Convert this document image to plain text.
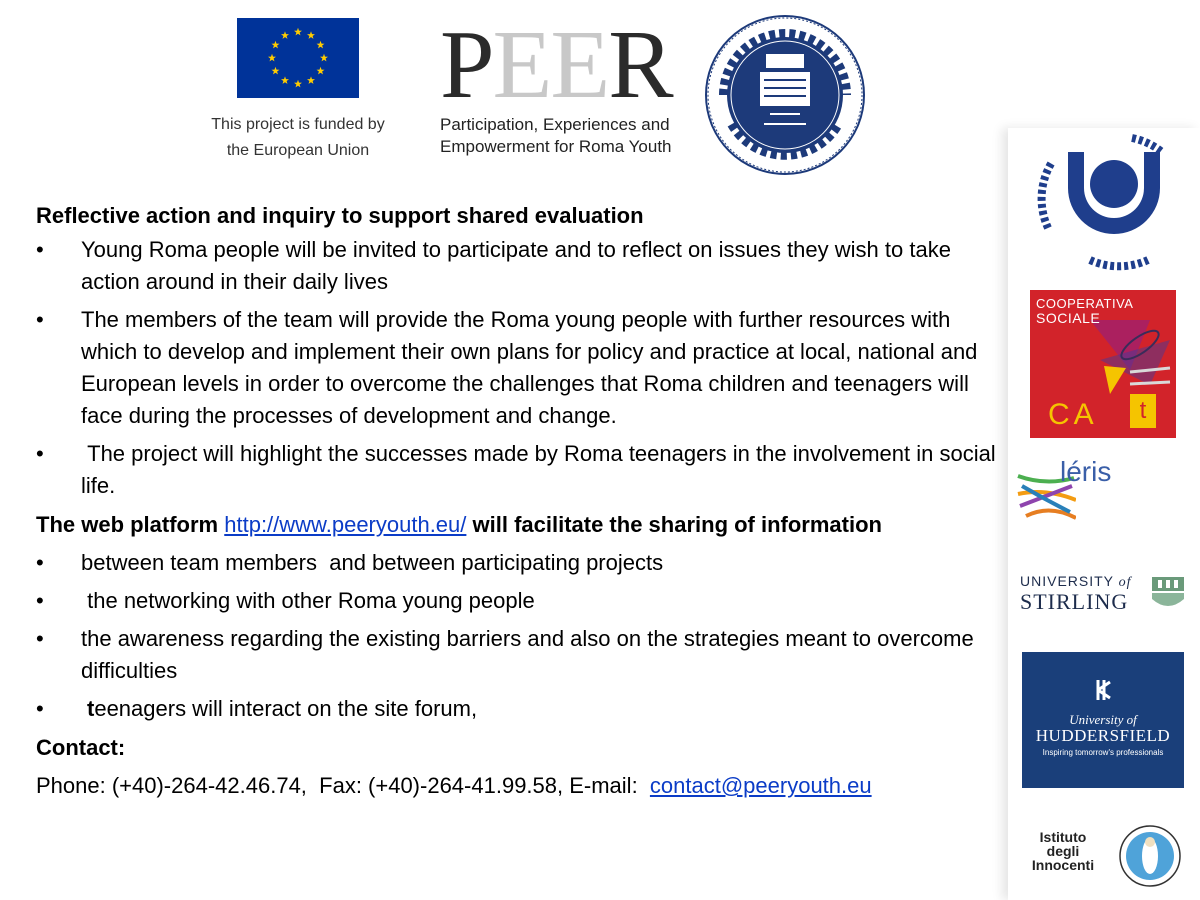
This project is funded by
the European Union
PEER
Participation, Experiences and
Empowerment for Roma Youth

Reflective action and inquiry to support shared evaluation

• Young Roma people will be invited to participate and to reflect on issues they wish to take action around in their daily lives
• The members of the team will provide the Roma young people with further resources with which to develop and implement their own plans for policy and practice at local, national and European levels in order to overcome the challenges that Roma children and teenagers will face during the processes of development and change.
• The project will highlight the successes made by Roma teenagers in the involvement in social life.
The web platform http://www.peeryouth.eu/ will facilitate the sharing of information
• between team members  and between participating projects
• the networking with other Roma young people
• the awareness regarding the existing barriers and also on the strategies meant to overcome difficulties
• teenagers will interact on the site forum,
Contact:
Phone: (+40)-264-42.46.74,  Fax: (+40)-264-41.99.58, E-mail:  contact@peeryouth.eu
COOPERATIVA
SOCIALE
CA	t
léris
UNIVERSITY of
STIRLING
University of
HUDDERSFIELD
Inspiring tomorrow's professionals
Istituto
degli
Innocenti
